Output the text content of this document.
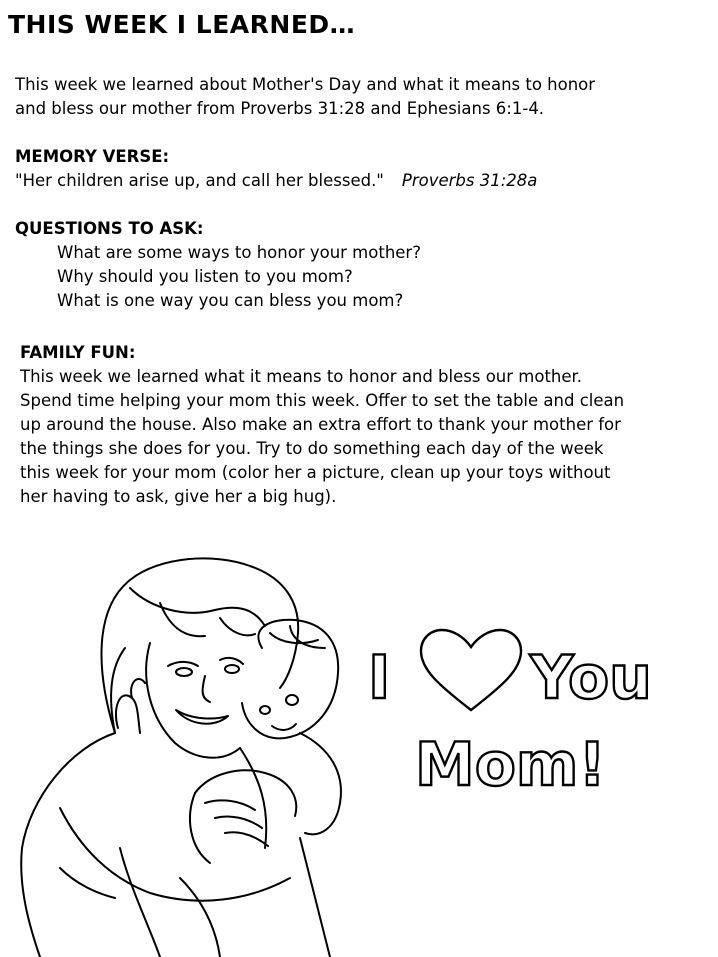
THIS WEEK I LEARNED…
This week we learned about Mother's Day and what it means to honor
and bless our mother from Proverbs 31:28 and Ephesians 6:1-4.
MEMORY VERSE:
"Her children arise up, and call her blessed." Proverbs 31:28a
QUESTIONS TO ASK:
What are some ways to honor your mother?
Why should you listen to you mom?
What is one way you can bless you mom?
FAMILY FUN:
This week we learned what it means to honor and bless our mother.
Spend time helping your mom this week. Offer to set the table and clean
up around the house. Also make an extra effort to thank your mother for
the things she does for you. Try to do something each day of the week
this week for your mom (color her a picture, clean up your toys without
her having to ask, give her a big hug).
I You
Mom!
